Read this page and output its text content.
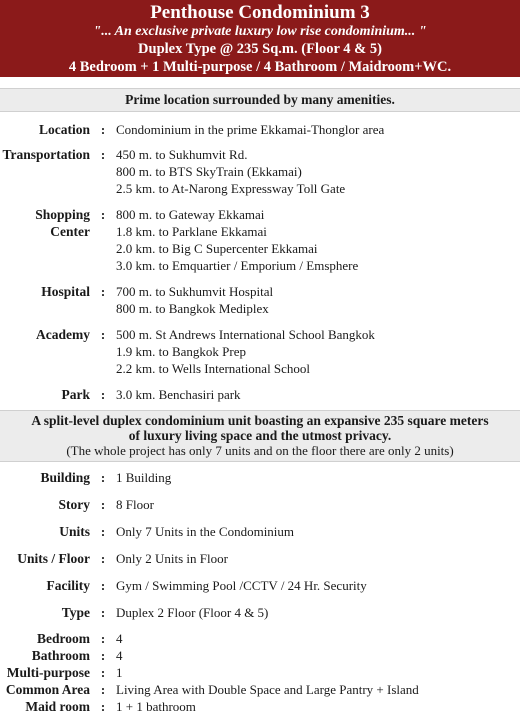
Penthouse Condominium 3
"... An exclusive private luxury low rise condominium... "
Duplex Type @ 235 Sq.m. (Floor 4 & 5)
4 Bedroom + 1 Multi-purpose / 4 Bathroom / Maidroom+WC.
Prime location surrounded by many amenities.
Location : Condominium in the prime Ekkamai-Thonglor area
Transportation : 450 m. to Sukhumvit Rd.
800 m. to BTS SkyTrain (Ekkamai)
2.5 km. to At-Narong Expressway Toll Gate
Shopping
Center
: 800 m. to Gateway Ekkamai
1.8 km. to Parklane Ekkamai
2.0 km. to Big C Supercenter Ekkamai
3.0 km. to Emquartier / Emporium / Emsphere
Hospital : 700 m. to Sukhumvit Hospital
800 m. to Bangkok Mediplex
Academy : 500 m. St Andrews International School Bangkok
1.9 km. to Bangkok Prep
2.2 km. to Wells International School
Park : 3.0 km. Benchasiri park
A split-level duplex condominium unit boasting an expansive 235 square meters
of luxury living space and the utmost privacy.
(The whole project has only 7 units and on the floor there are only 2 units)
Building : 1 Building
Story : 8 Floor
Units : Only 7 Units in the Condominium
Units / Floor : Only 2 Units in Floor
Facility : Gym / Swimming Pool /CCTV / 24 Hr. Security
Type : Duplex 2 Floor (Floor 4 & 5)
Bedroom : 4
Bathroom : 4
Multi-purpose : 1
Common Area : Living Area with Double Space and Large Pantry + Island
Maid room : 1 + 1 bathroom
